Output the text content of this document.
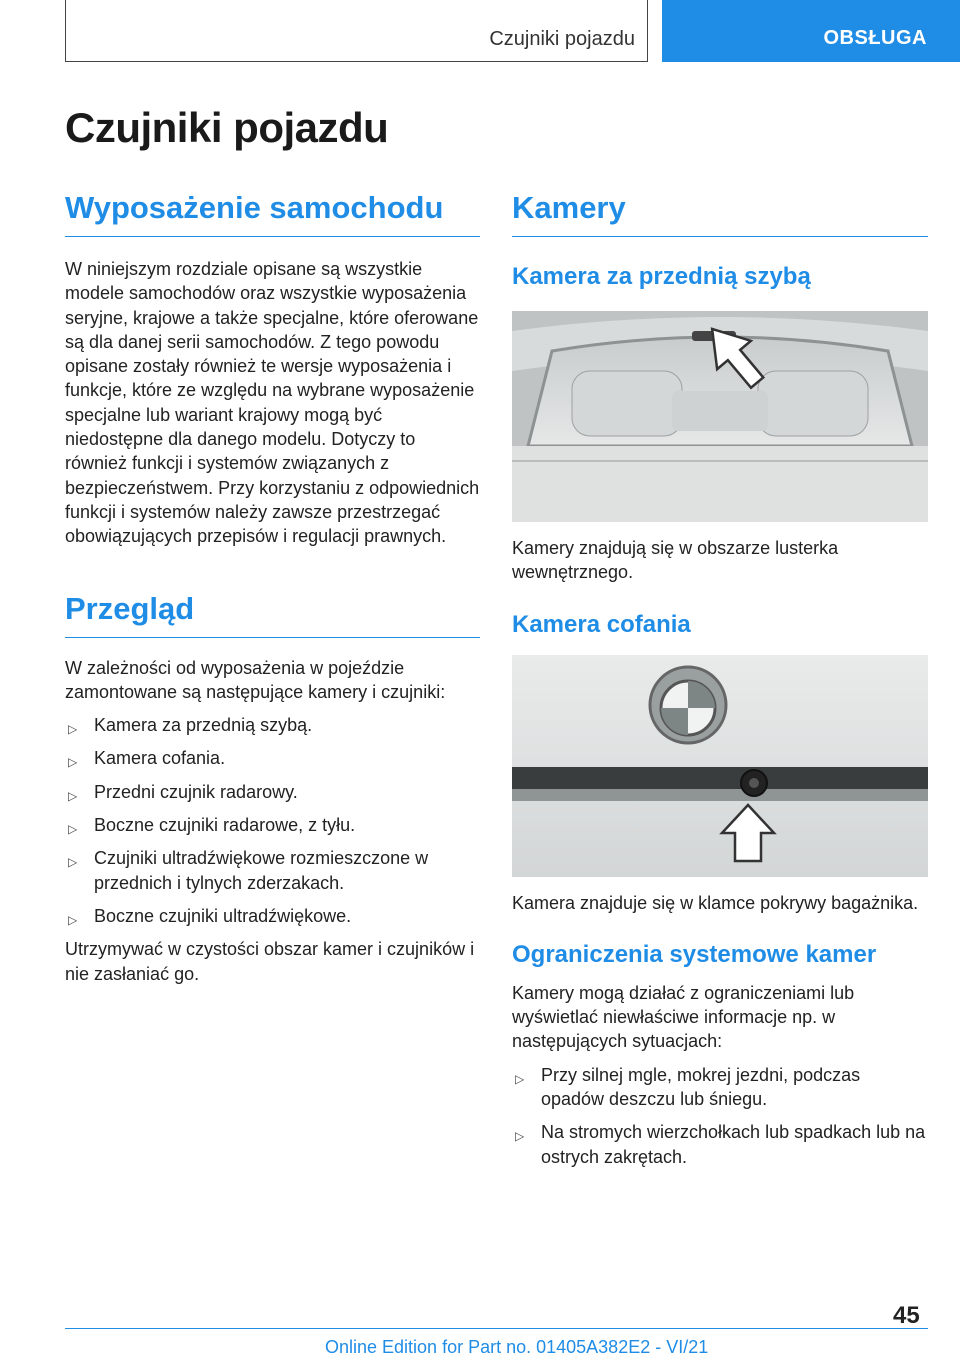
Czujniki pojazdu	OBSŁUGA
Czujniki pojazdu
Wyposażenie samochodu

W niniejszym rozdziale opisane są wszystkie modele samochodów oraz wszystkie wyposażenia seryjne, krajowe a także specjalne, które oferowane są dla danej serii samochodów. Z tego powodu opisane zostały również te wersje wyposażenia i funkcje, które ze względu na wybrane wyposażenie specjalne lub wariant krajowy mogą być niedostępne dla danego modelu. Dotyczy to również funkcji i systemów związanych z bezpieczeństwem. Przy korzystaniu z odpowiednich funkcji i systemów należy zawsze przestrzegać obowiązujących przepisów i regulacji prawnych.

Przegląd

W zależności od wyposażenia w pojeździe zamontowane są następujące kamery i czujniki:

▷ Kamera za przednią szybą.
▷ Kamera cofania.
▷ Przedni czujnik radarowy.
▷ Boczne czujniki radarowe, z tyłu.
▷ Czujniki ultradźwiękowe rozmieszczone w przednich i tylnych zderzakach.
▷ Boczne czujniki ultradźwiękowe.

Utrzymywać w czystości obszar kamer i czujników i nie zasłaniać go.

Kamery
Kamera za przednią szybą

Kamery znajdują się w obszarze lusterka wewnętrznego.

Kamera cofania

Kamera znajduje się w klamce pokrywy bagażnika.

Ograniczenia systemowe kamer

Kamery mogą działać z ograniczeniami lub wyświetlać niewłaściwe informacje np. w następujących sytuacjach:

▷ Przy silnej mgle, mokrej jezdni, podczas opadów deszczu lub śniegu.
▷ Na stromych wierzchołkach lub spadkach lub na ostrych zakrętach.
45
Online Edition for Part no. 01405A382E2 - VI/21
